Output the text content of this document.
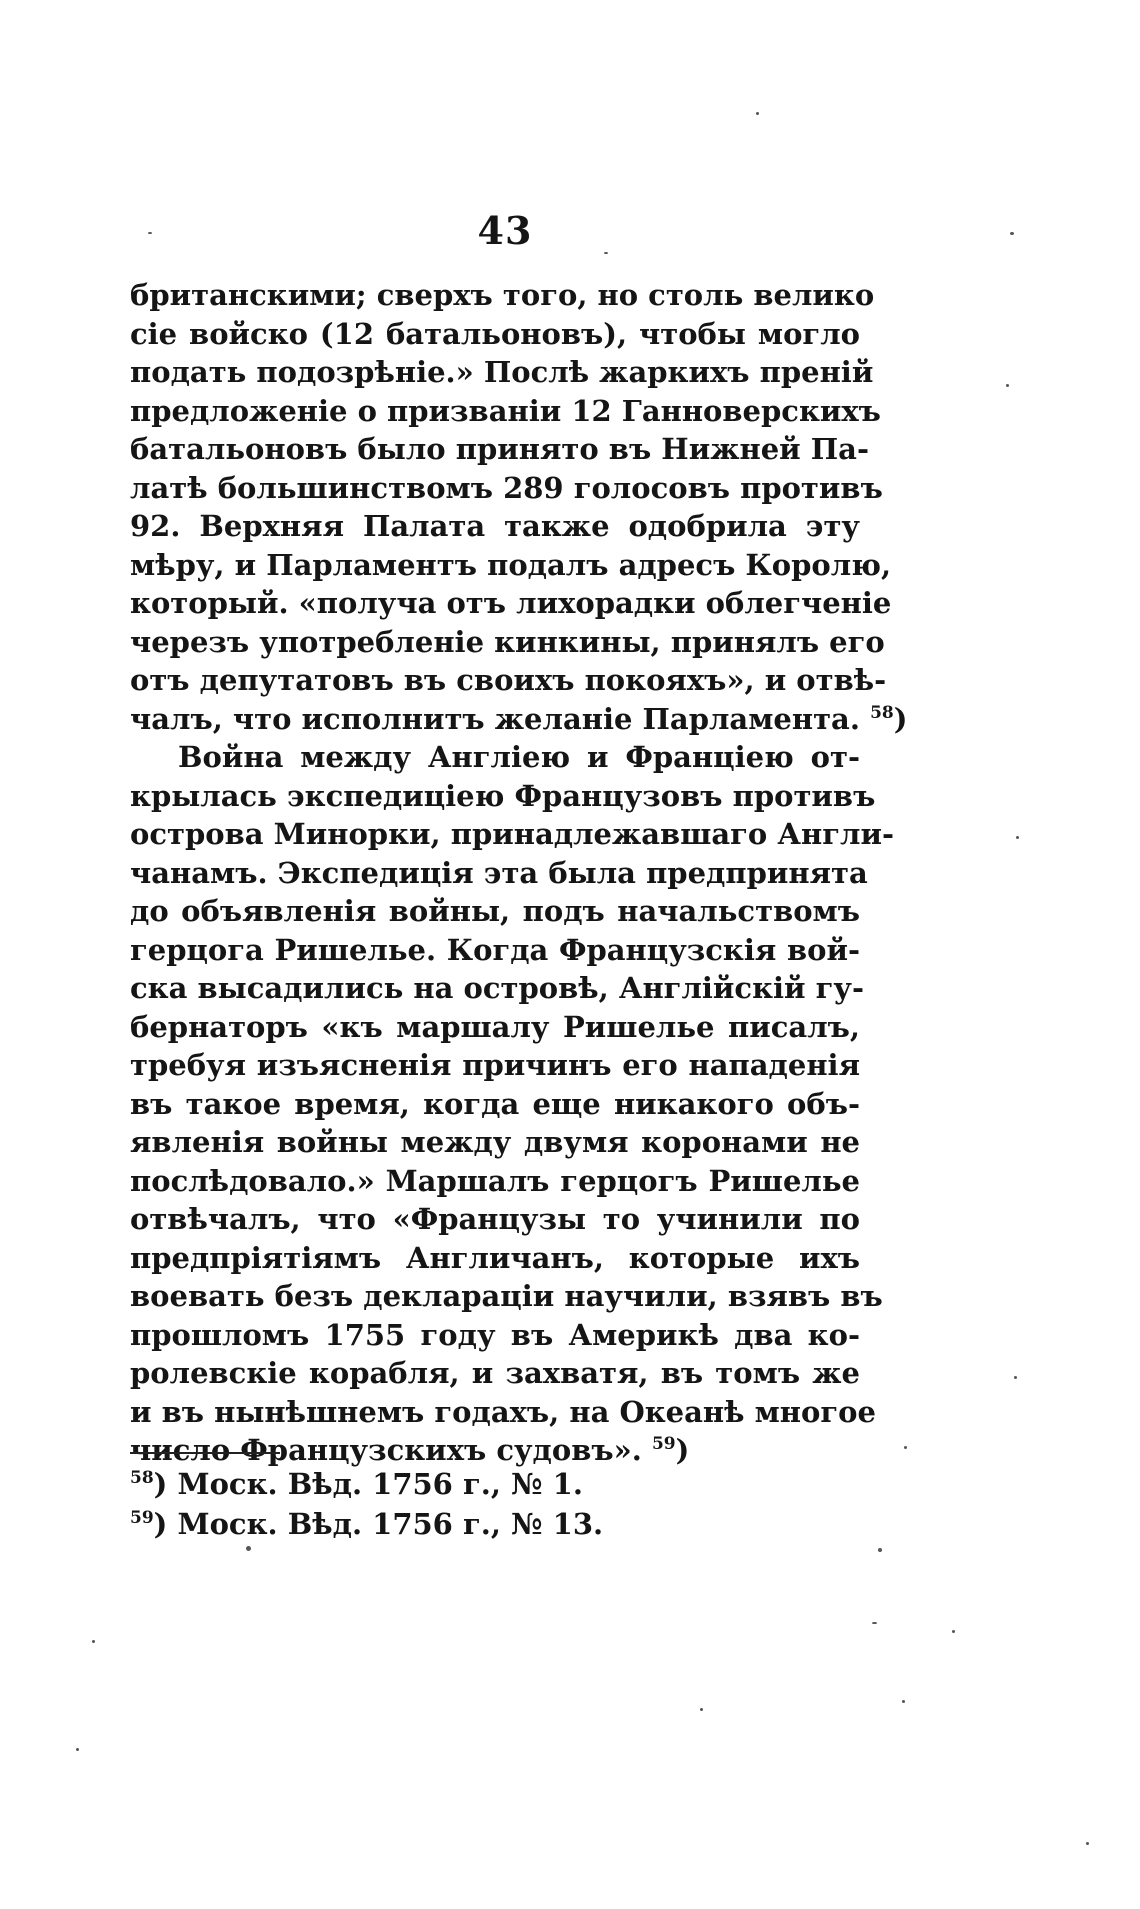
43
британскими; сверхъ того, но столь велико
сіе войско (12 батальоновъ), чтобы могло
подать подозрѣніе.» Послѣ жаркихъ преній
предложеніе о призваніи 12 Ганноверскихъ
батальоновъ было принято въ Нижней Па-
латѣ большинствомъ 289 голосовъ противъ
92. Верхняя Палата также одобрила эту
мѣру, и Парламентъ подалъ адресъ Королю,
который. «получа отъ лихорадки облегченіе
черезъ употребленіе кинкины, принялъ его
отъ депутатовъ въ своихъ покояхъ», и отвѣ-
чалъ, что исполнитъ желаніе Парламента. $^{58}$)
Война между Англіею и Франціею от-
крылась экспедиціею Французовъ противъ
острова Минорки, принадлежавшаго Англи-
чанамъ. Экспедиція эта была предпринята
до объявленія войны, подъ начальствомъ
герцога Ришелье. Когда Французскія вой-
ска высадились на островѣ, Англійскій гу-
бернаторъ «къ маршалу Ришелье писалъ,
требуя изъясненія причинъ его нападенія
въ такое время, когда еще никакого объ-
явленія войны между двумя коронами не
послѣдовало.» Маршалъ герцогъ Ришелье
отвѣчалъ, что «Французы то учинили по
предпріятіямъ Англичанъ, которые ихъ
воевать безъ декларацiи научили, взявъ въ
прошломъ 1755 году въ Америкѣ два ко-
ролевскіе корабля, и захватя, въ томъ же
и въ нынѣшнемъ годахъ, на Океанѣ многое
число Французскихъ судовъ». $^{59}$)
$^{58}$) Моск. Вѣд. 1756 г., № 1.
$^{59}$) Моск. Вѣд. 1756 г., № 13.
